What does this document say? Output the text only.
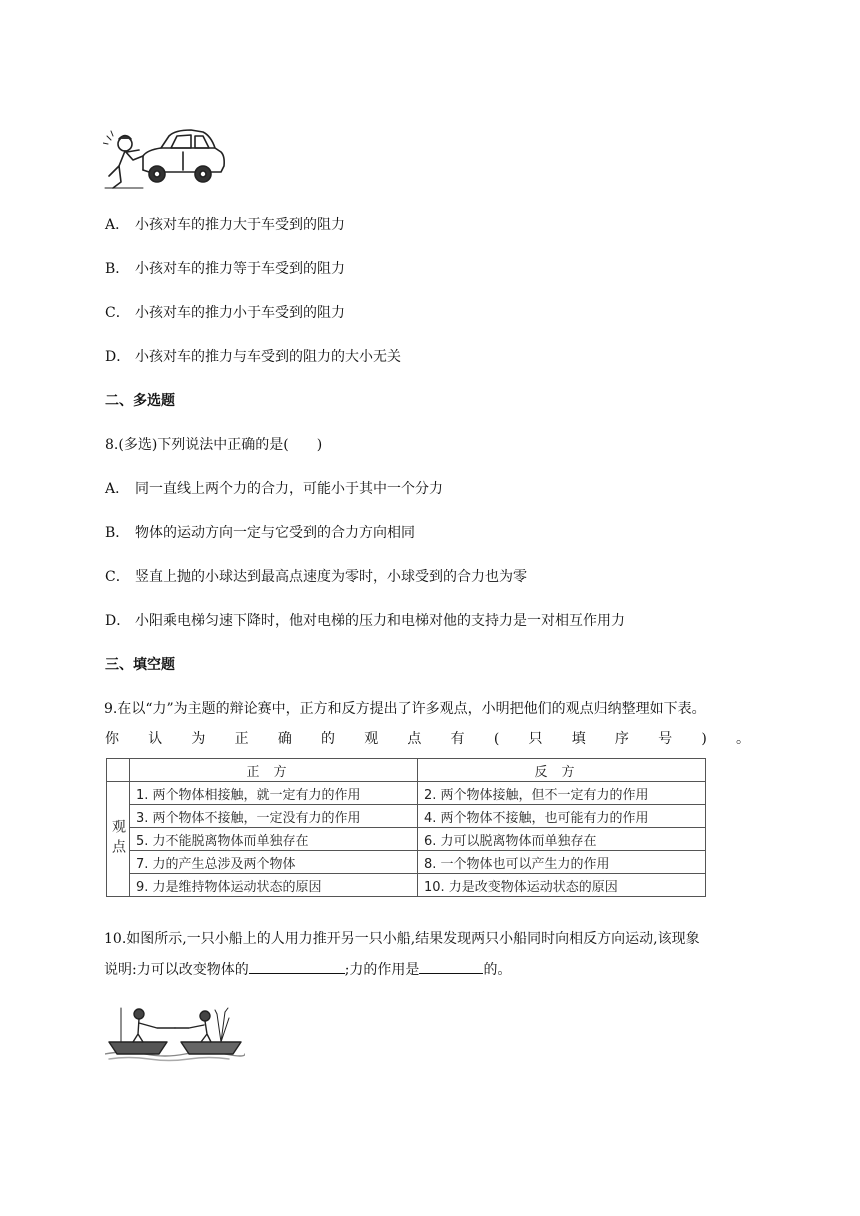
A． 小孩对车的推力大于车受到的阻力
B． 小孩对车的推力等于车受到的阻力
C． 小孩对车的推力小于车受到的阻力
D． 小孩对车的推力与车受到的阻力的大小无关
二、多选题
8.(多选)下列说法中正确的是(　　)
A． 同一直线上两个力的合力，可能小于其中一个分力
B． 物体的运动方向一定与它受到的合力方向相同
C． 竖直上抛的小球达到最高点速度为零时，小球受到的合力也为零
D． 小阳乘电梯匀速下降时，他对电梯的压力和电梯对他的支持力是一对相互作用力
三、填空题
9.在以“力”为主题的辩论赛中，正方和反方提出了许多观点，小明把他们的观点归纳整理如下表。
你 认 为 正 确 的 观 点 有 ( 只 填 序 号 ) 。
	正方	反方
观点	1. 两个物体相接触，就一定有力的作用	2. 两个物体接触，但不一定有力的作用
	3. 两个物体不接触，一定没有力的作用	4. 两个物体不接触，也可能有力的作用
	5. 力不能脱离物体而单独存在	6. 力可以脱离物体而单独存在
	7. 力的产生总涉及两个物体	8. 一个物体也可以产生力的作用
	9. 力是维持物体运动状态的原因	10. 力是改变物体运动状态的原因
10.如图所示,一只小船上的人用力推开另一只小船,结果发现两只小船同时向相反方向运动,该现象
说明:力可以改变物体的	;力的作用是	的。
